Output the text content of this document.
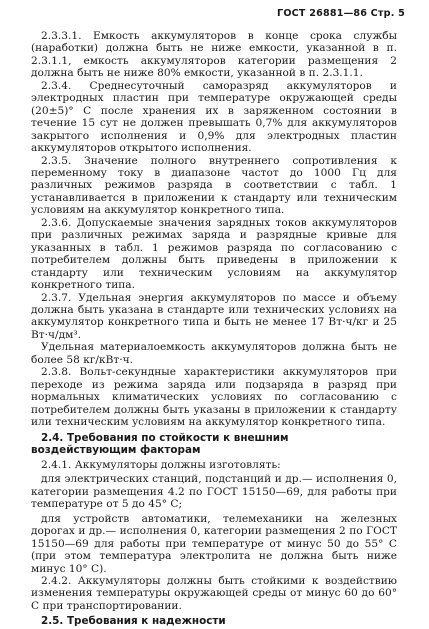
ГОСТ 26881—86 Стр. 5

2.3.3.1. Емкость аккумуляторов в конце срока службы (наработки) должна быть не ниже емкости, указанной в п. 2.3.1.1, емкость аккумуляторов категории размещения 2 должна быть не ниже 80% емкости, указанной в п. 2.3.1.1.

2.3.4. Среднесуточный саморазряд аккумуляторов и электродных пластин при температуре окружающей среды (20±5)° С после хранения их в заряженном состоянии в течение 15 сут не должен превышать 0,7% для аккумуляторов закрытого исполнения и 0,9% для электродных пластин аккумуляторов открытого исполнения.

2.3.5. Значение полного внутреннего сопротивления к переменному току в диапазоне частот до 1000 Гц для различных режимов разряда в соответствии с табл. 1 устанавливается в приложении к стандарту или техническим условиям на аккумулятор конкретного типа.

2.3.6. Допускаемые значения зарядных токов аккумуляторов при различных режимах заряда и разрядные кривые для указанных в табл. 1 режимов разряда по согласованию с потребителем должны быть приведены в приложении к стандарту или техническим условиям на аккумулятор конкретного типа.

2.3.7. Удельная энергия аккумуляторов по массе и объему должна быть указана в стандарте или технических условиях на аккумулятор конкретного типа и быть не менее 17 Вт·ч/кг и 25 Вт·ч/дм³.

Удельная материалоемкость аккумуляторов должна быть не более 58 кг/кВт·ч.

2.3.8. Вольт-секундные характеристики аккумуляторов при переходе из режима заряда или подзаряда в разряд при нормальных климатических условиях по согласованию с потребителем должны быть указаны в приложении к стандарту или техническим условиям на аккумулятор конкретного типа.

2.4. Требования по стойкости к внешним воздействующим факторам

2.4.1. Аккумуляторы должны изготовлять:

для электрических станций, подстанций и др.— исполнения 0, категории размещения 4.2 по ГОСТ 15150—69, для работы при температуре от 5 до 45° С;

для устройств автоматики, телемеханики на железных дорогах и др.— исполнения 0, категории размещения 2 по ГОСТ 15150—69 для работы при температуре от минус 50 до 55° С (при этом температура электролита не должна быть ниже минус 10° С).

2.4.2. Аккумуляторы должны быть стойкими к воздействию изменения температуры окружающей среды от минус 60 до 60° С при транспортировании.

2.5. Требования к надежности
